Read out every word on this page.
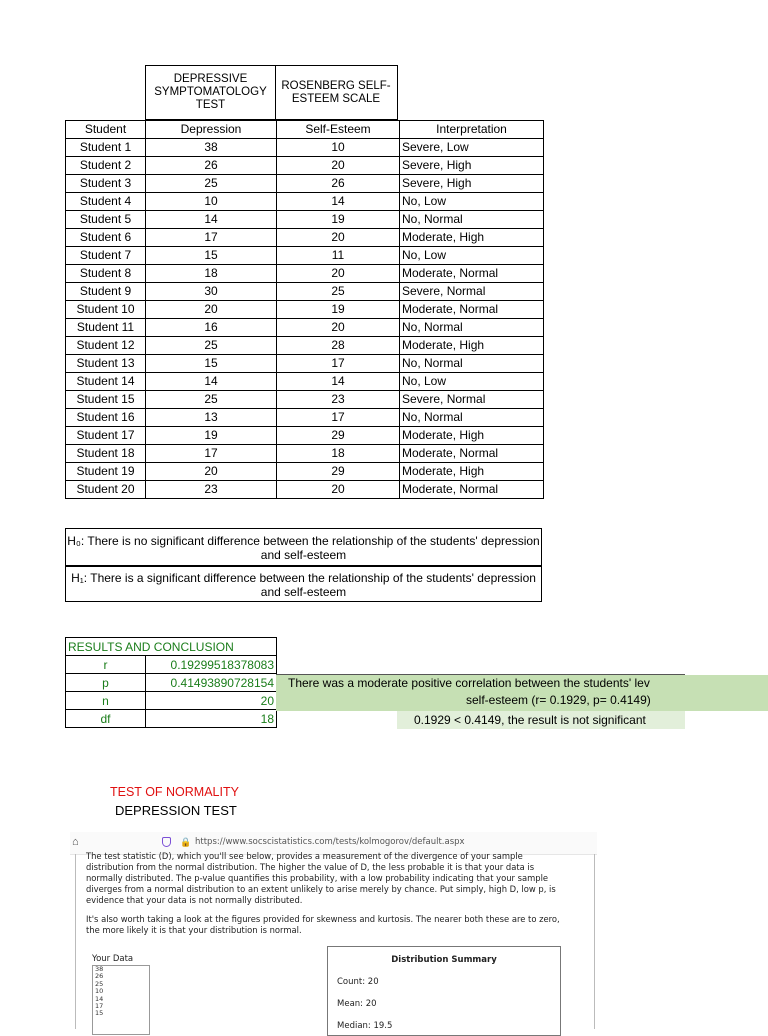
DEPRESSIVE SYMPTOMATOLOGY TEST
ROSENBERG SELF-ESTEEM SCALE
Student	Depression	Self-Esteem	Interpretation
Student 1	38	10	Severe, Low
Student 2	26	20	Severe, High
Student 3	25	26	Severe, High
Student 4	10	14	No, Low
Student 5	14	19	No, Normal
Student 6	17	20	Moderate, High
Student 7	15	11	No, Low
Student 8	18	20	Moderate, Normal
Student 9	30	25	Severe, Normal
Student 10	20	19	Moderate, Normal
Student 11	16	20	No, Normal
Student 12	25	28	Moderate, High
Student 13	15	17	No, Normal
Student 14	14	14	No, Low
Student 15	25	23	Severe, Normal
Student 16	13	17	No, Normal
Student 17	19	29	Moderate, High
Student 18	17	18	Moderate, Normal
Student 19	20	29	Moderate, High
Student 20	23	20	Moderate, Normal
H₀: There is no significant difference between the relationship of the students' depression and self-esteem
H₁: There is a significant difference between the relationship of the students' depression and self-esteem
RESULTS AND CONCLUSION	
r	0.19299518378083
p	0.41493890728154
n	20
df	18
There was a moderate positive correlation between the students' lev
self-esteem (r= 0.1929, p= 0.4149)
0.1929 < 0.4149, the result is not significant
TEST OF NORMALITY
DEPRESSION TEST
⌂	🔒 https://www.socscistatistics.com/tests/kolmogorov/default.aspx
The test statistic (D), which you'll see below, provides a measurement of the divergence of your sample
distribution from the normal distribution. The higher the value of D, the less probable it is that your data is normally distributed. The p-value quantifies this probability, with a low probability indicating that your sample diverges from a normal distribution to an extent unlikely to arise merely by chance. Put simply, high D, low p, is evidence that your data is not normally distributed.
It's also worth taking a look at the figures provided for skewness and kurtosis. The nearer both these are to zero, the more likely it is that your distribution is normal.
Your Data
38
26
25
10
14
17
15
Distribution Summary
Count: 20
Mean: 20
Median: 19.5
